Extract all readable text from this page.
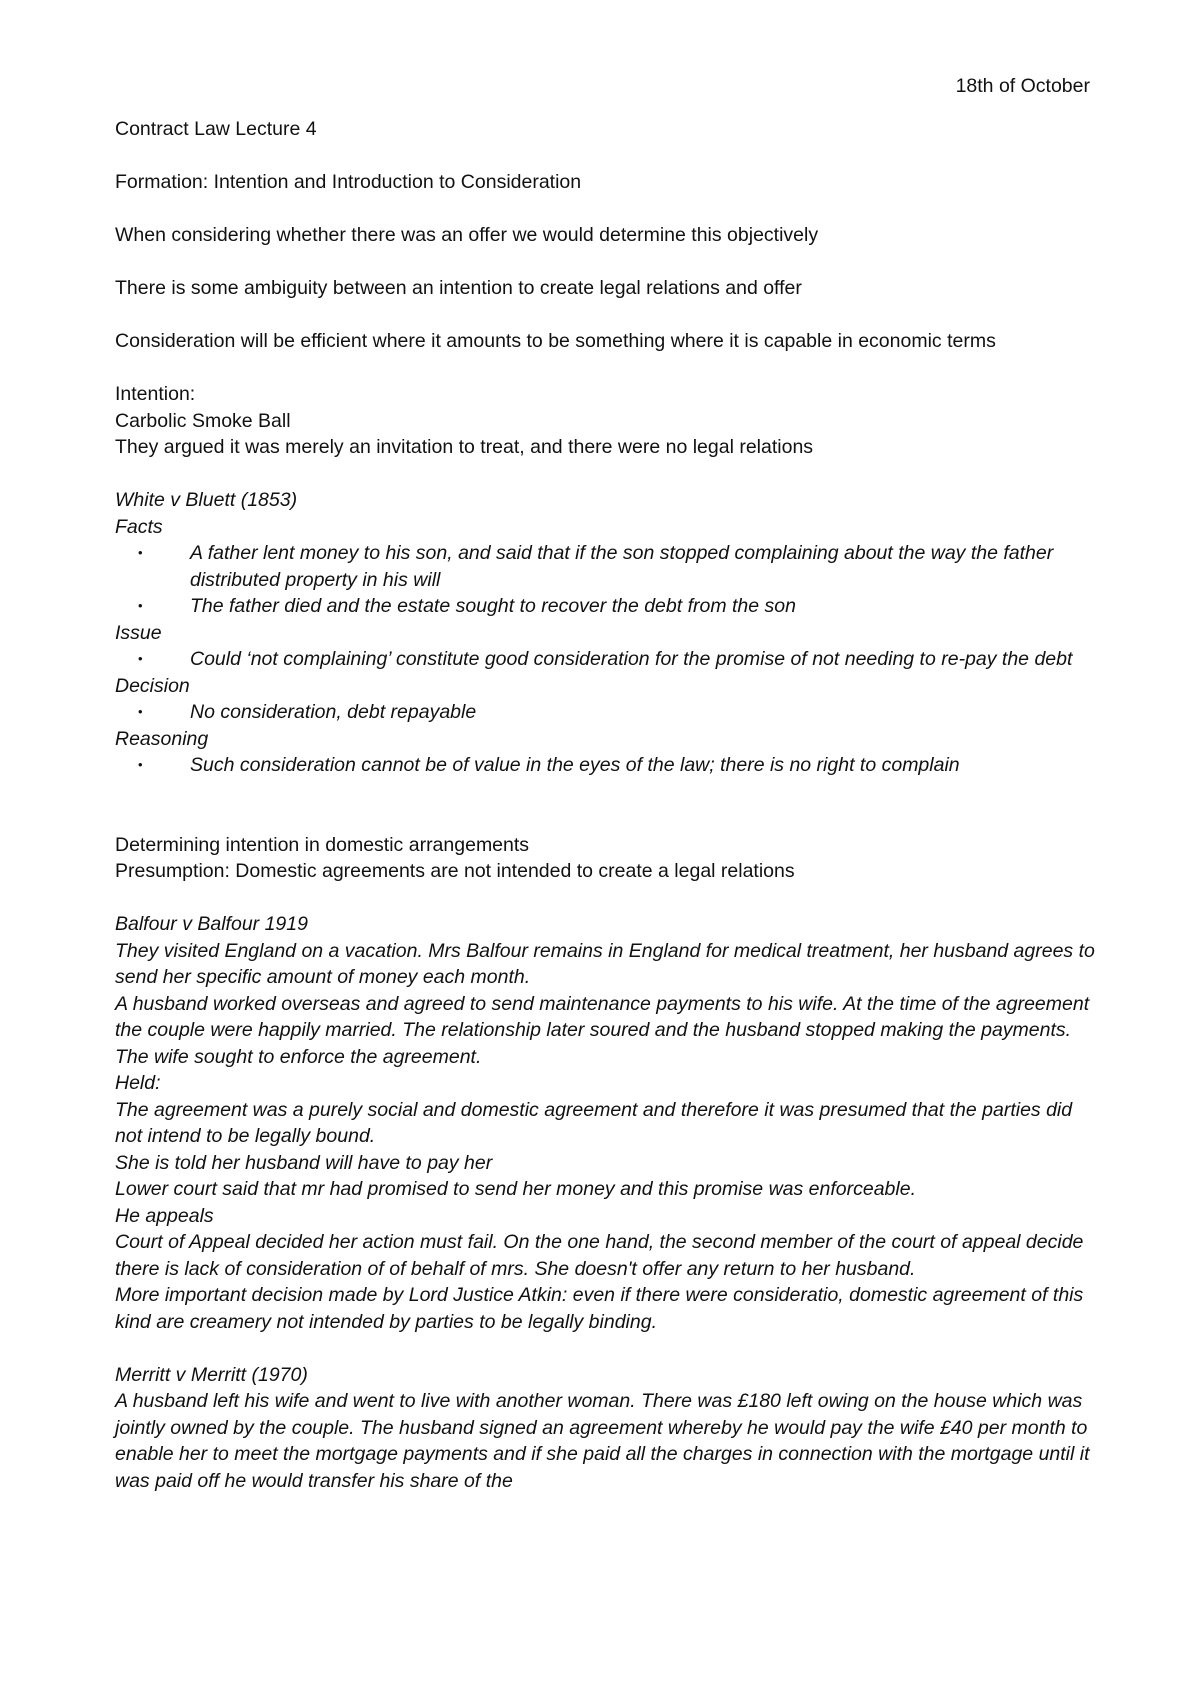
18th of October

Contract Law Lecture 4

Formation: Intention and Introduction to Consideration

When considering whether there was an offer we would determine this objectively

There is some ambiguity between an intention to create legal relations and offer

Consideration will be efficient where it amounts to be something where it is capable in economic terms

Intention:

Carbolic Smoke Ball

They argued it was merely an invitation to treat, and there were no legal relations

White v Bluett (1853)

Facts

• A father lent money to his son, and said that if the son stopped complaining about the way the father distributed property in his will
• The father died and the estate sought to recover the debt from the son

Issue

• Could ‘not complaining’ constitute good consideration for the promise of not needing to re-pay the debt

Decision

• No consideration, debt repayable

Reasoning

• Such consideration cannot be of value in the eyes of the law; there is no right to complain

Determining intention in domestic arrangements

Presumption: Domestic agreements are not intended to create a legal relations

Balfour v Balfour 1919

They visited England on a vacation. Mrs Balfour remains in England for medical treatment, her husband agrees to send her specific amount of money each month.

A husband worked overseas and agreed to send maintenance payments to his wife. At the time of the agreement the couple were happily married. The relationship later soured and the husband stopped making the payments. The wife sought to enforce the agreement.

Held:

The agreement was a purely social and domestic agreement and therefore it was presumed that the parties did not intend to be legally bound.

She is told her husband will have to pay her

Lower court said that mr had promised to send her money and this promise was enforceable.

He appeals

Court of Appeal decided her action must fail. On the one hand, the second member of the court of appeal decide there is lack of consideration of of behalf of mrs. She doesn't offer any return to her husband.

More important decision made by Lord Justice Atkin: even if there were consideratio, domestic agreement of this kind are creamery not intended by parties to be legally binding.

Merritt v Merritt (1970)

A husband left his wife and went to live with another woman. There was £180 left owing on the house which was jointly owned by the couple. The husband signed an agreement whereby he would pay the wife £40 per month to enable her to meet the mortgage payments and if she paid all the charges in connection with the mortgage until it was paid off he would transfer his share of the
